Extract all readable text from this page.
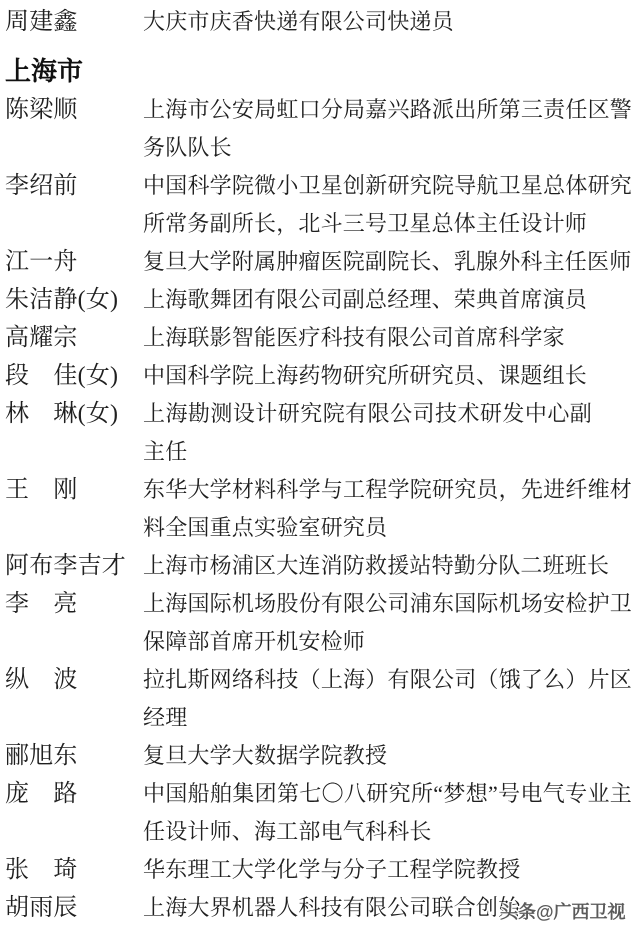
周建鑫	大庆市庆香快递有限公司快递员
上海市
陈梁顺	上海市公安局虹口分局嘉兴路派出所第三责任区警务队队长
李绍前	中国科学院微小卫星创新研究院导航卫星总体研究所常务副所长，北斗三号卫星总体主任设计师
江一舟	复旦大学附属肿瘤医院副院长、乳腺外科主任医师
朱洁静(女)	上海歌舞团有限公司副总经理、荣典首席演员
高耀宗	上海联影智能医疗科技有限公司首席科学家
段　佳(女)	中国科学院上海药物研究所研究员、课题组长
林　琳(女)	上海勘测设计研究院有限公司技术研发中心副主任
王　刚	东华大学材料科学与工程学院研究员，先进纤维材料全国重点实验室研究员
阿布李吉才 上海市杨浦区大连消防救援站特勤分队二班班长
李　亮	上海国际机场股份有限公司浦东国际机场安检护卫保障部首席开机安检师
纵　波	拉扎斯网络科技（上海）有限公司（饿了么）片区经理
郦旭东	复旦大学大数据学院教授
庞　路	中国船舶集团第七〇八研究所“梦想”号电气专业主任设计师、海工部电气科科长
张　琦	华东理工大学化学与分子工程学院教授
胡雨辰	上海大界机器人科技有限公司联合创始
头条@广西卫视
